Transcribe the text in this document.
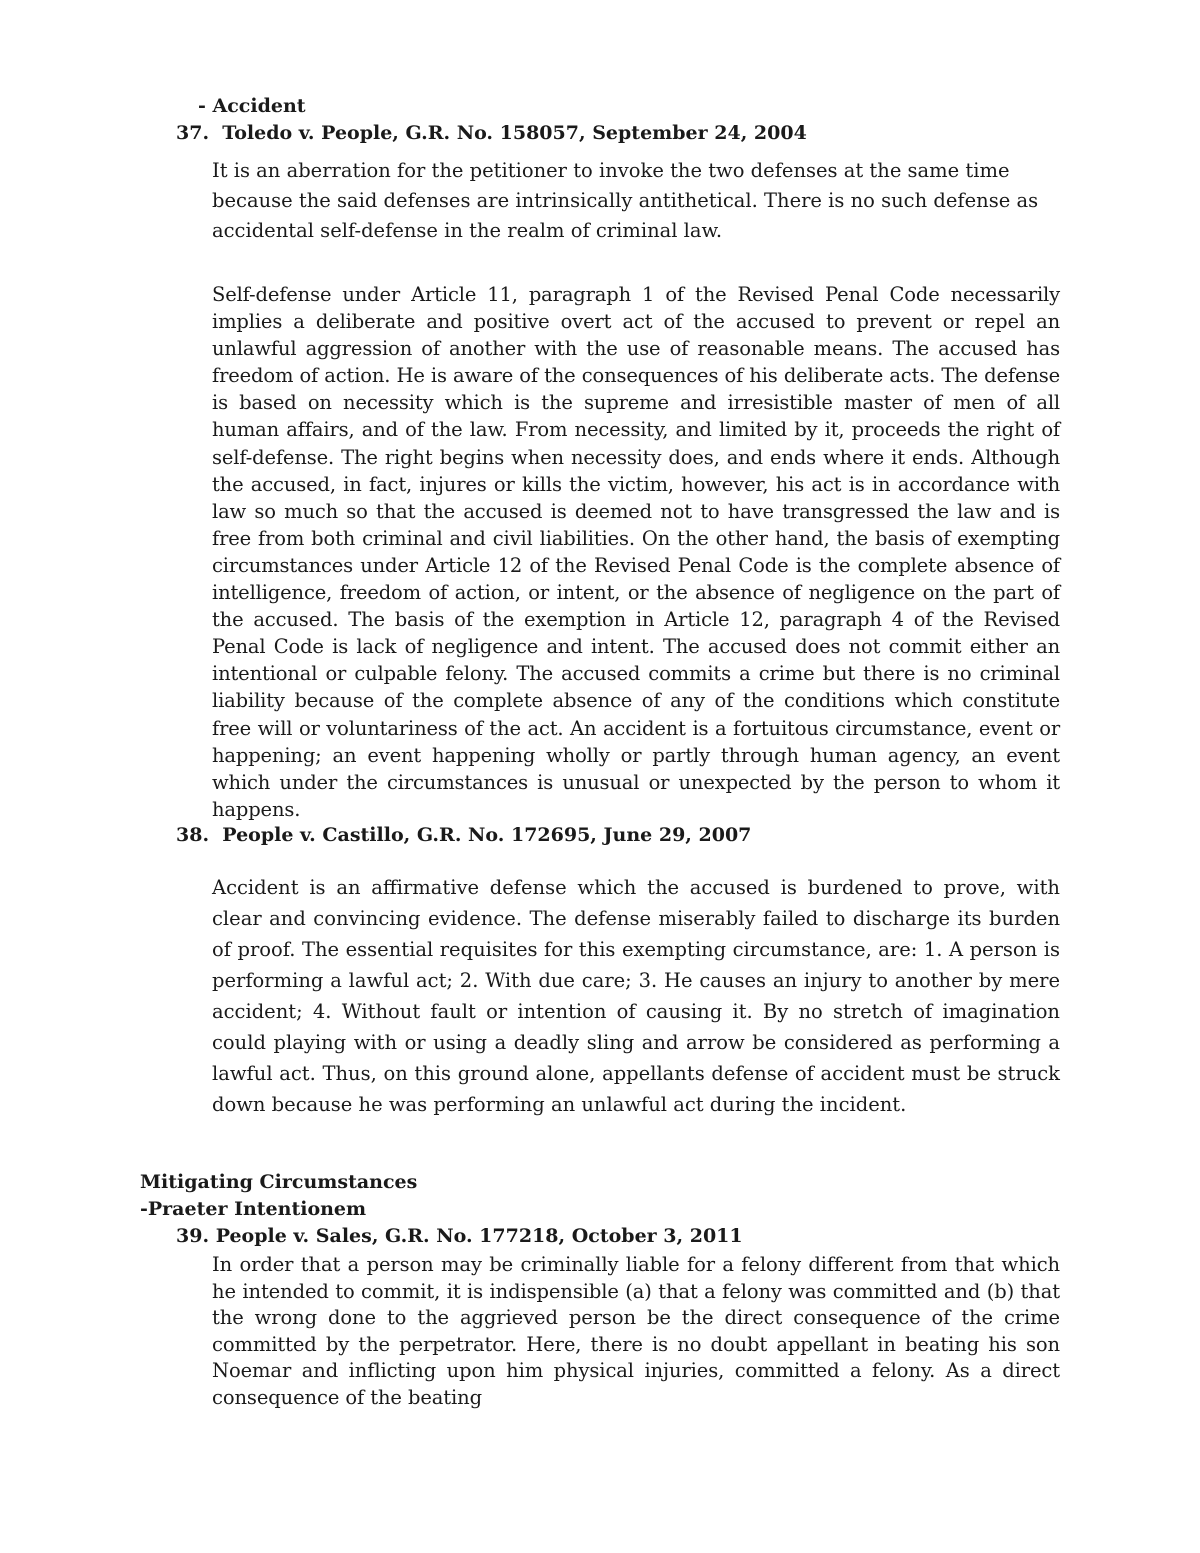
- Accident
37. Toledo v. People, G.R. No. 158057, September 24, 2004

It is an aberration for the petitioner to invoke the two defenses at the same time because the said defenses are intrinsically antithetical. There is no such defense as accidental self-defense in the realm of criminal law.

Self-defense under Article 11, paragraph 1 of the Revised Penal Code necessarily implies a deliberate and positive overt act of the accused to prevent or repel an unlawful aggression of another with the use of reasonable means. The accused has freedom of action. He is aware of the consequences of his deliberate acts. The defense is based on necessity which is the supreme and irresistible master of men of all human affairs, and of the law. From necessity, and limited by it, proceeds the right of self-defense. The right begins when necessity does, and ends where it ends. Although the accused, in fact, injures or kills the victim, however, his act is in accordance with law so much so that the accused is deemed not to have transgressed the law and is free from both criminal and civil liabilities. On the other hand, the basis of exempting circumstances under Article 12 of the Revised Penal Code is the complete absence of intelligence, freedom of action, or intent, or the absence of negligence on the part of the accused. The basis of the exemption in Article 12, paragraph 4 of the Revised Penal Code is lack of negligence and intent. The accused does not commit either an intentional or culpable felony. The accused commits a crime but there is no criminal liability because of the complete absence of any of the conditions which constitute free will or voluntariness of the act. An accident is a fortuitous circumstance, event or happening; an event happening wholly or partly through human agency, an event which under the circumstances is unusual or unexpected by the person to whom it happens.

38. People v. Castillo, G.R. No. 172695, June 29, 2007

Accident is an affirmative defense which the accused is burdened to prove, with clear and convincing evidence. The defense miserably failed to discharge its burden of proof. The essential requisites for this exempting circumstance, are: 1. A person is performing a lawful act; 2. With due care; 3. He causes an injury to another by mere accident; 4. Without fault or intention of causing it. By no stretch of imagination could playing with or using a deadly sling and arrow be considered as performing a lawful act. Thus, on this ground alone, appellants defense of accident must be struck down because he was performing an unlawful act during the incident.

Mitigating Circumstances
-Praeter Intentionem
39. People v. Sales, G.R. No. 177218, October 3, 2011

In order that a person may be criminally liable for a felony different from that which he intended to commit, it is indispensible (a) that a felony was committed and (b) that the wrong done to the aggrieved person be the direct consequence of the crime committed by the perpetrator. Here, there is no doubt appellant in beating his son Noemar and inflicting upon him physical injuries, committed a felony. As a direct consequence of the beating
